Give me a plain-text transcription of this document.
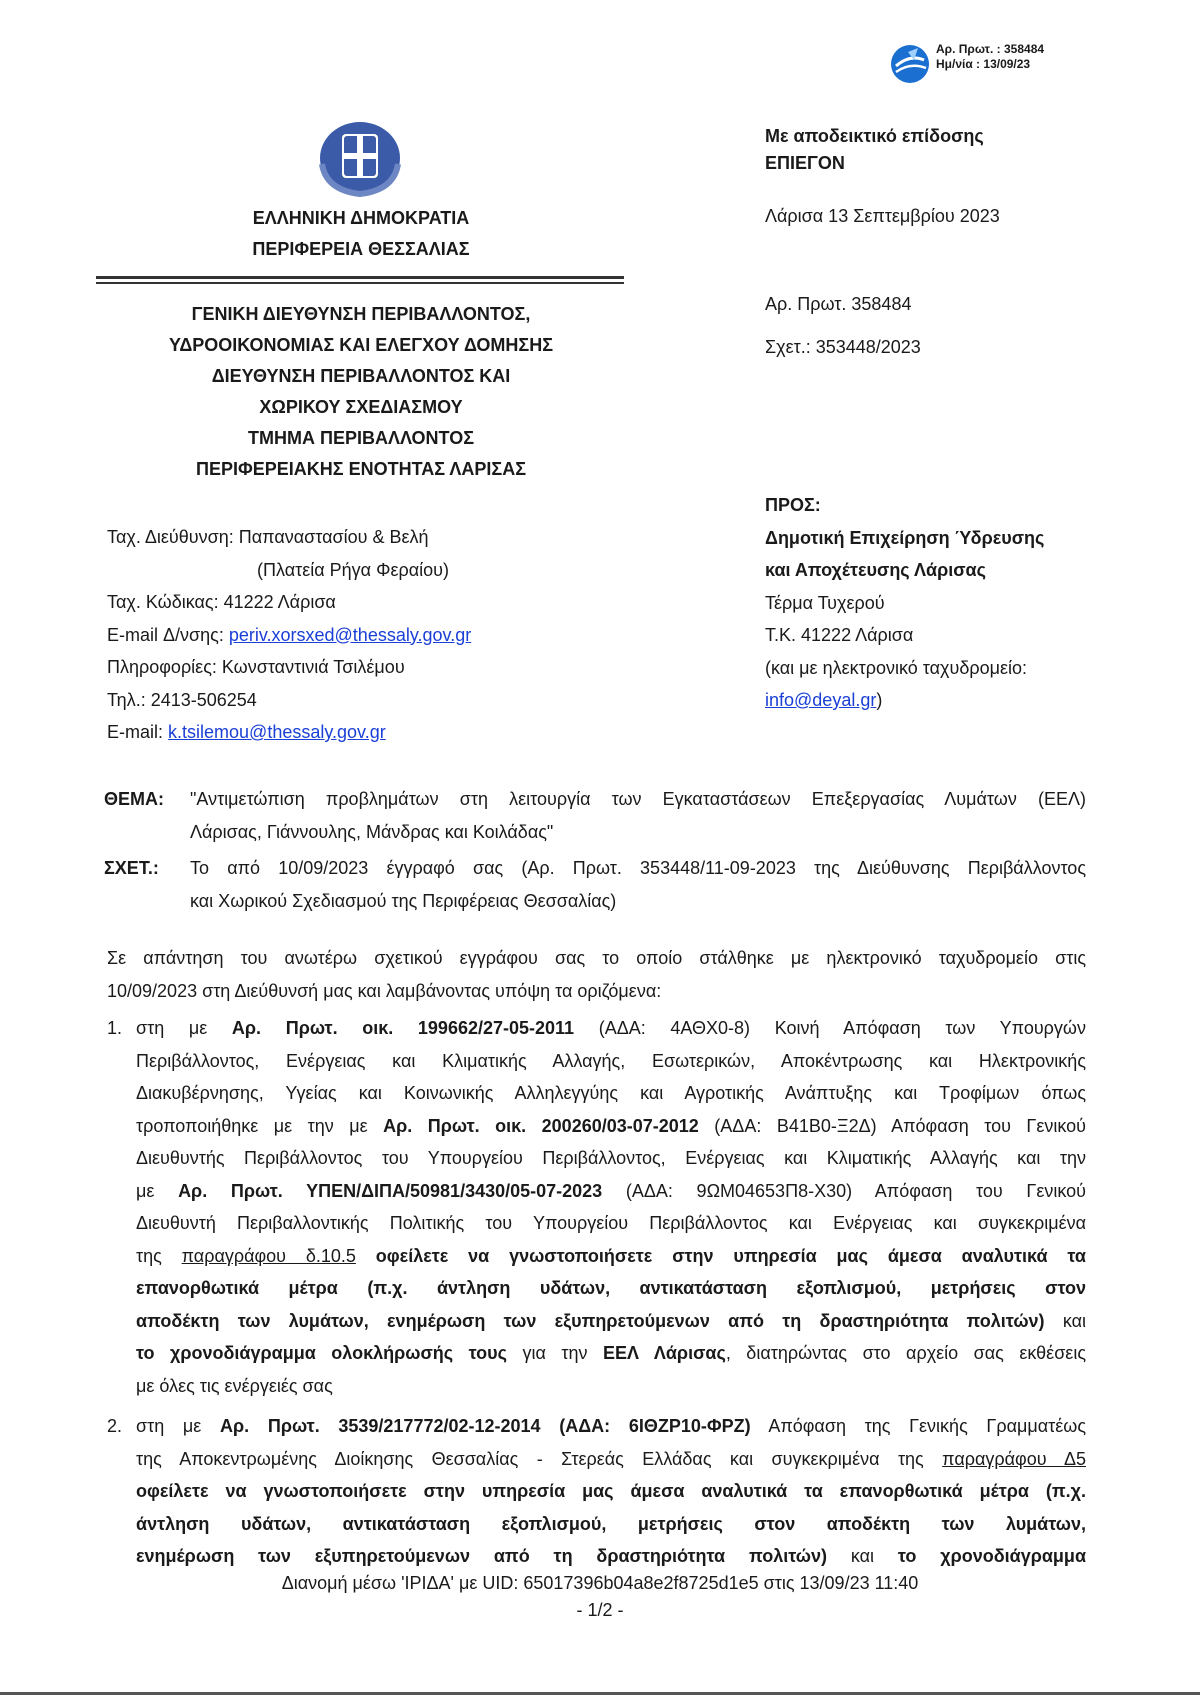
Αρ. Πρωτ. : 358484
Ημ/νία : 13/09/23
ΕΛΛΗΝΙΚΗ ΔΗΜΟΚΡΑΤΙΑ
ΠΕΡΙΦΕΡΕΙΑ ΘΕΣΣΑΛΙΑΣ
ΓΕΝΙΚΗ ΔΙΕΥΘΥΝΣΗ ΠΕΡΙΒΑΛΛΟΝΤΟΣ,
ΥΔΡΟΟΙΚΟΝΟΜΙΑΣ ΚΑΙ ΕΛΕΓΧΟΥ ΔΟΜΗΣΗΣ
ΔΙΕΥΘΥΝΣΗ ΠΕΡΙΒΑΛΛΟΝΤΟΣ ΚΑΙ
ΧΩΡΙΚΟΥ ΣΧΕΔΙΑΣΜΟΥ
ΤΜΗΜΑ ΠΕΡΙΒΑΛΛΟΝΤΟΣ
ΠΕΡΙΦΕΡΕΙΑΚΗΣ ΕΝΟΤΗΤΑΣ ΛΑΡΙΣΑΣ
Με αποδεικτικό επίδοσης
ΕΠΙΕΓΟΝ
Λάρισα 13 Σεπτεμβρίου 2023
Αρ. Πρωτ. 358484
Σχετ.: 353448/2023
Ταχ. Διεύθυνση: Παπαναστασίου & Βελή
(Πλατεία Ρήγα Φεραίου)
Ταχ. Κώδικας: 41222 Λάρισα
E-mail Δ/νσης: periv.xorsxed@thessaly.gov.gr
Πληροφορίες: Κωνσταντινιά Τσιλέμου
Τηλ.: 2413-506254
E-mail: k.tsilemou@thessaly.gov.gr
ΠΡΟΣ:
Δημοτική Επιχείρηση Ύδρευσης
και Αποχέτευσης Λάρισας
Τέρμα Τυχερού
Τ.Κ. 41222 Λάρισα
(και με ηλεκτρονικό ταχυδρομείο:
info@deyal.gr)
ΘΕΜΑ: "Αντιμετώπιση προβλημάτων στη λειτουργία των Εγκαταστάσεων Επεξεργασίας Λυμάτων (ΕΕΛ)
Λάρισας, Γιάννουλης, Μάνδρας και Κοιλάδας"
ΣΧΕΤ.: Το από 10/09/2023 έγγραφό σας (Αρ. Πρωτ. 353448/11-09-2023 της Διεύθυνσης Περιβάλλοντος
και Χωρικού Σχεδιασμού της Περιφέρειας Θεσσαλίας)
Σε απάντηση του ανωτέρω σχετικού εγγράφου σας το οποίο στάλθηκε με ηλεκτρονικό ταχυδρομείο στις
10/09/2023 στη Διεύθυνσή μας και λαμβάνοντας υπόψη τα οριζόμενα:
1. στη με Αρ. Πρωτ. οικ. 199662/27-05-2011 (ΑΔΑ: 4ΑΘΧ0-8) Κοινή Απόφαση των Υπουργών
Περιβάλλοντος, Ενέργειας και Κλιματικής Αλλαγής, Εσωτερικών, Αποκέντρωσης και Ηλεκτρονικής
Διακυβέρνησης, Υγείας και Κοινωνικής Αλληλεγγύης και Αγροτικής Ανάπτυξης και Τροφίμων όπως
τροποποιήθηκε με την με Αρ. Πρωτ. οικ. 200260/03-07-2012 (ΑΔΑ: Β41Β0-Ξ2Δ) Απόφαση του Γενικού
Διευθυντής Περιβάλλοντος του Υπουργείου Περιβάλλοντος, Ενέργειας και Κλιματικής Αλλαγής και την
με Αρ. Πρωτ. ΥΠΕΝ/ΔΙΠΑ/50981/3430/05-07-2023 (ΑΔΑ: 9ΩΜ04653Π8-Χ30) Απόφαση του Γενικού
Διευθυντή Περιβαλλοντικής Πολιτικής του Υπουργείου Περιβάλλοντος και Ενέργειας και συγκεκριμένα
της παραγράφου δ.10.5 οφείλετε να γνωστοποιήσετε στην υπηρεσία μας άμεσα αναλυτικά τα
επανορθωτικά μέτρα (π.χ. άντληση υδάτων, αντικατάσταση εξοπλισμού, μετρήσεις στον
αποδέκτη των λυμάτων, ενημέρωση των εξυπηρετούμενων από τη δραστηριότητα πολιτών) και
το χρονοδιάγραμμα ολοκλήρωσής τους για την ΕΕΛ Λάρισας, διατηρώντας στο αρχείο σας εκθέσεις
με όλες τις ενέργειές σας
2. στη με Αρ. Πρωτ. 3539/217772/02-12-2014 (ΑΔΑ: 6ΙΘΖΡ10-ΦΡΖ) Απόφαση της Γενικής Γραμματέως
της Αποκεντρωμένης Διοίκησης Θεσσαλίας - Στερεάς Ελλάδας και συγκεκριμένα της παραγράφου Δ5
οφείλετε να γνωστοποιήσετε στην υπηρεσία μας άμεσα αναλυτικά τα επανορθωτικά μέτρα (π.χ.
άντληση υδάτων, αντικατάσταση εξοπλισμού, μετρήσεις στον αποδέκτη των λυμάτων,
ενημέρωση των εξυπηρετούμενων από τη δραστηριότητα πολιτών) και το χρονοδιάγραμμα
Διανομή μέσω 'ΙΡΙΔΑ' με UID: 65017396b04a8e2f8725d1e5 στις 13/09/23 11:40
- 1/2 -
